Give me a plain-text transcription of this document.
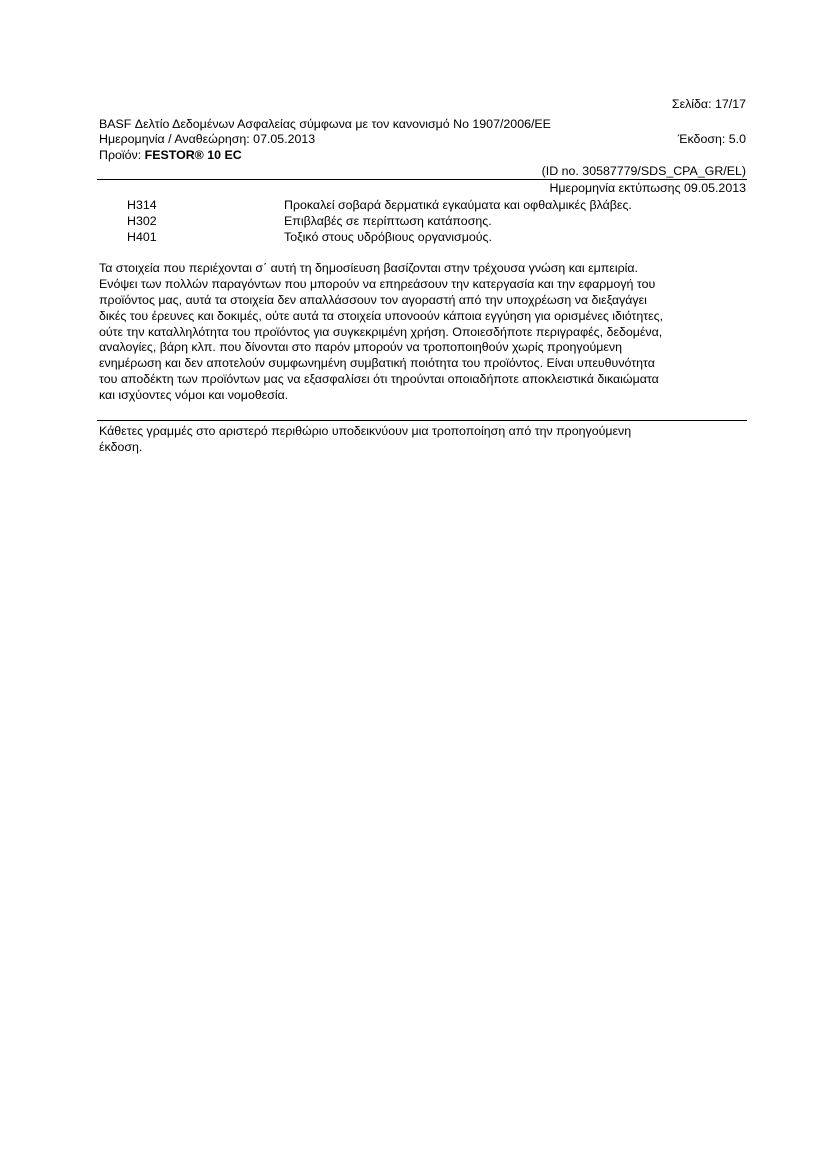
Σελίδα: 17/17
BASF Δελτίο Δεδομένων Ασφαλείας σύμφωνα με τον κανονισμό Νο 1907/2006/ΕΕ
Ημερομηνία / Αναθεώρηση: 07.05.2013	Έκδοση: 5.0
Προϊόν: FESTOR® 10 EC
(ID no. 30587779/SDS_CPA_GR/EL)
Ημερομηνία εκτύπωσης 09.05.2013
H314	Προκαλεί σοβαρά δερματικά εγκαύματα και οφθαλμικές βλάβες.
H302	Επιβλαβές σε περίπτωση κατάποσης.
H401	Τοξικό στους υδρόβιους οργανισμούς.
Τα στοιχεία που περιέχονται σ΄ αυτή τη δημοσίευση βασίζονται στην τρέχουσα γνώση και εμπειρία.
Ενόψει των πολλών παραγόντων που μπορούν να επηρεάσουν την κατεργασία και την εφαρμογή του
προϊόντος μας, αυτά τα στοιχεία δεν απαλλάσσουν τον αγοραστή από την υποχρέωση να διεξαγάγει
δικές του έρευνες και δοκιμές, ούτε αυτά τα στοιχεία υπονοούν κάποια εγγύηση για ορισμένες ιδιότητες,
ούτε την καταλληλότητα του προϊόντος για συγκεκριμένη χρήση. Οποιεσδήποτε περιγραφές, δεδομένα,
αναλογίες, βάρη κλπ. που δίνονται στο παρόν μπορούν να τροποποιηθούν χωρίς προηγούμενη
ενημέρωση και δεν αποτελούν συμφωνημένη συμβατική ποιότητα του προϊόντος. Είναι υπευθυνότητα
του αποδέκτη των προϊόντων μας να εξασφαλίσει ότι τηρούνται οποιαδήποτε αποκλειστικά δικαιώματα
και ισχύοντες νόμοι και νομοθεσία.
Κάθετες γραμμές στο αριστερό περιθώριο υποδεικνύουν μια τροποποίηση από την προηγούμενη
έκδοση.
